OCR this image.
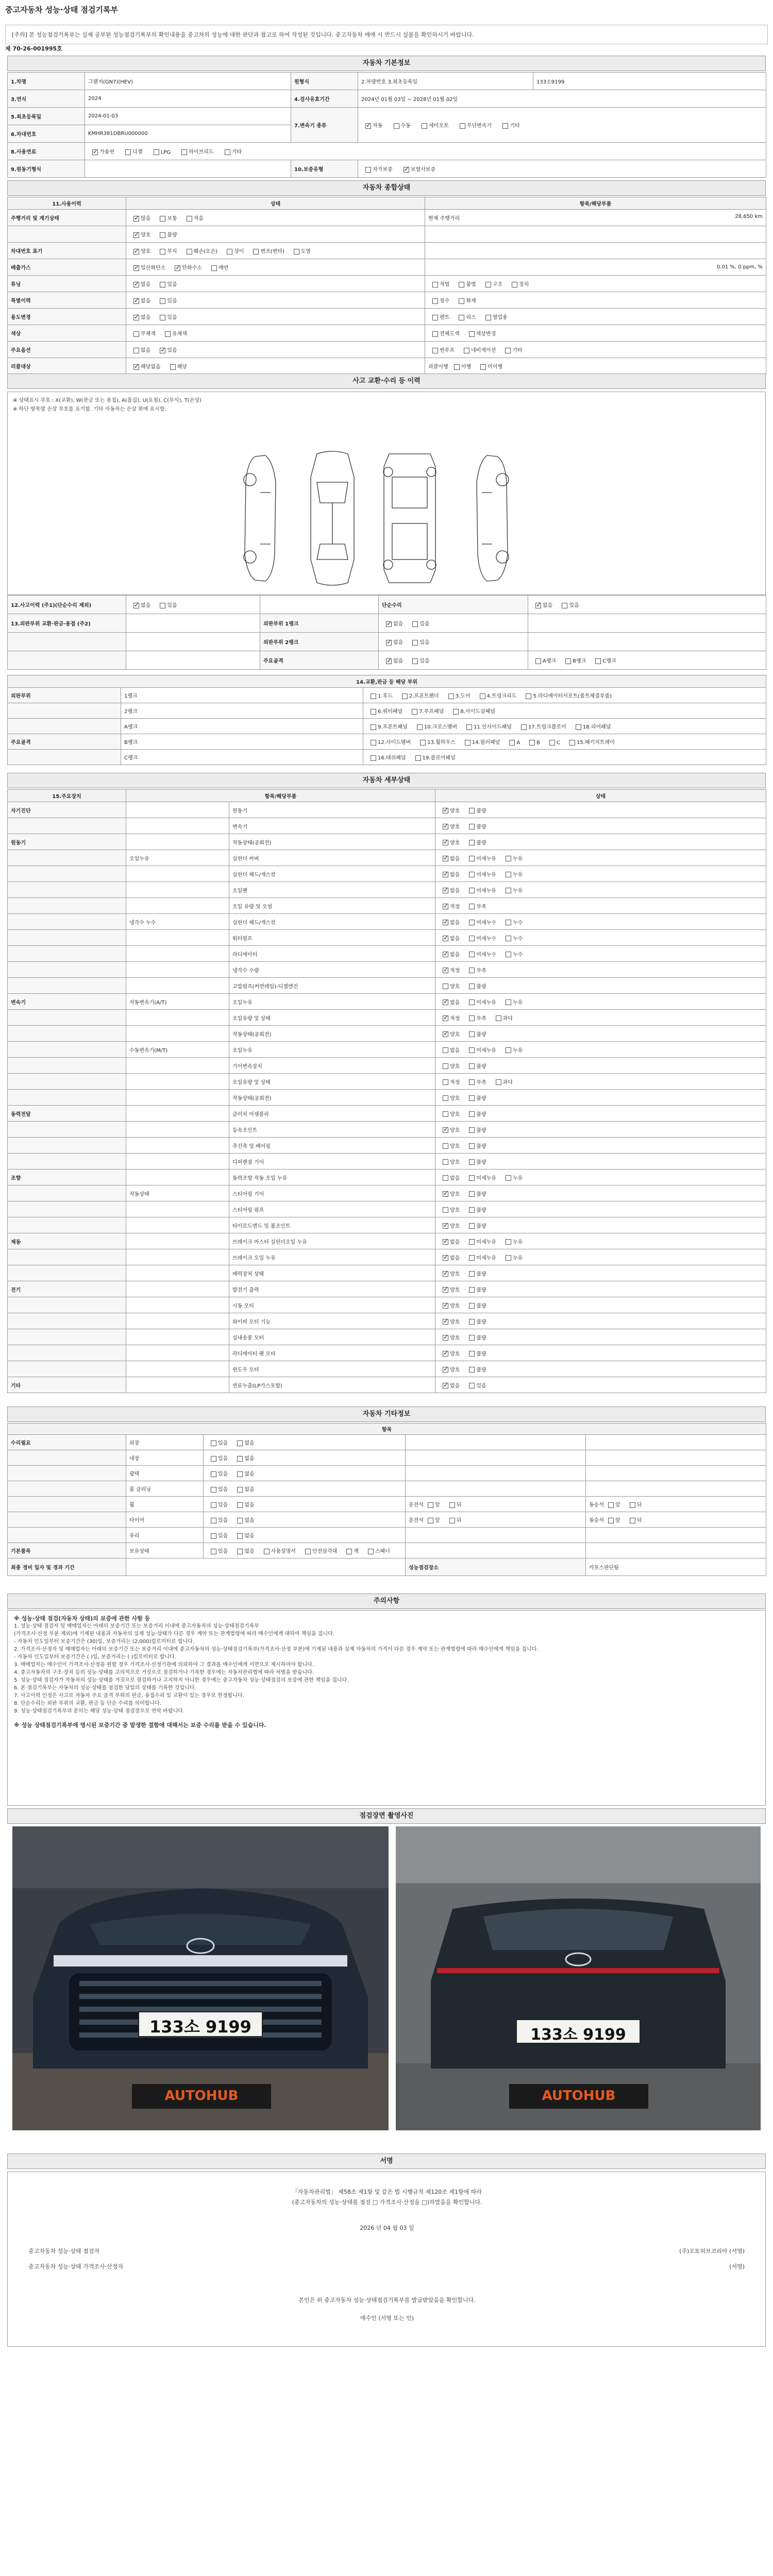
중고자동차 성능·상태 점검기록부
[주의] 본 성능점검기록부는 실제 공부된 성능점검기록부의 확인내용을 중고차의 성능에 대한 판단과 참고로 하여 작성된 것입니다. 중고자동차 매매 시 반드시 실물을 확인하시기 바랍니다.
제 70-26-001995호
자동차 기본정보
1.차명	그랜저(GN7)(HEV)	원형식	2.차량번호 3.최초등록일	133소9199
3.연식	2024	4.검사유효기간	2024년 01월 03일 ~ 2028년 01월 02일	
5.최초등록일	2024-01-03	7.변속기 종류	✓자동 수동 세미오토 무단변속기 기타
6.차대번호	KMHR381DBRU000000			
8.사용연료	✓가솔린 디젤 LPG 하이브리드 기타
9.원동기형식		10.보증유형	자가보증 ✓ 보험사보증
자동차 종합상태
11.사용이력	상태	항목/해당부품
주행거리 및 계기상태	✓많음 보통 적음	현재 주행거리 28,650 km

	✓양호 불량	
차대번호 표기	✓양호 부식 훼손(오손) 상이 변조(변타) 도말	
배출가스	✓일산화탄소 ✓ 탄화수소 매연	0.01 %, 0 ppm, %

튜닝	✓없음 있음	적법 불법 구조 장치
특별이력	✓없음 있음	침수 화재
용도변경	✓없음 있음	렌트 리스 영업용
색상	무채색 유채색	전체도색 색상변경
주요옵션	없음 ✓ 있음	썬루프 네비게이션 기타
리콜대상	✓해당없음 해당	리콜이행 이행 미이행
사고 교환·수리 등 이력
※ 상태표시 부호 : X(교환), W(판금 또는 용접), A(흠집), U(요철), C(부식), T(손상)
※ 하단 항목별 손상 부호를 표기함. 기타 자동차는 손상 위에 표시함.
12.사고이력 (주1)(단순수리 제외)	✓없음 있음		단순수리	✓없음 있음
13.외판부위 교환·판금·용접 (주2)		외판부위 1랭크	✓없음 있음	
		외판부위 2랭크	✓없음 있음	
		주요골격	✓없음 있음	A랭크 B랭크 C랭크
14.교환,판금 등 해당 부위		
외판부위	1랭크	1.후드 2.프론트펜더 3.도어 4.트렁크리드 5.라디에이터서포트(볼트체결부품)
	2랭크	6.쿼터패널 7.루프패널 8.사이드실패널
	A랭크	9.프론트패널 10.크로스멤버 11.인사이드패널 17.트렁크플로어 18.리어패널
주요골격	B랭크	12.사이드멤버 13.휠하우스 14.필러패널 A B C 15.패키지트레이
	C랭크	16.대쉬패널 19.플로어패널
자동차 세부상태
15.주요장치	항목/해당부품		상태
자기진단		원동기	✓양호 불량
		변속기	✓양호 불량
원동기		작동상태(공회전)	✓양호 불량
	오일누유	실린더 커버	✓없음 미세누유 누유
		실린더 헤드/개스킷	✓없음 미세누유 누유
		오일팬	✓없음 미세누유 누유
		오일 유량 및 오염	✓적정 부족
	냉각수 누수	실린더 헤드/개스킷	✓없음 미세누수 누수
		워터펌프	✓없음 미세누수 누수
		라디에이터	✓없음 미세누수 누수
		냉각수 수량	✓적정 부족
		고압펌프(커먼레일)-디젤엔진	양호 불량
변속기	자동변속기(A/T)	오일누유	✓없음 미세누유 누유
		오일유량 및 상태	✓적정 부족 과다
		작동상태(공회전)	✓양호 불량
	수동변속기(M/T)	오일누유	없음 미세누유 누유
		기어변속장치	양호 불량
		오일유량 및 상태	적정 부족 과다
		작동상태(공회전)	양호 불량
동력전달		클러치 어셈블리	양호 불량
		등속조인트	✓양호 불량
		추진축 및 베어링	양호 불량
		디퍼렌셜 기어	양호 불량
조향		동력조향 작동 오일 누유	없음 미세누유 누유
	작동상태	스티어링 기어	✓양호 불량
		스티어링 펌프	양호 불량
		타이로드엔드 및 볼조인트	✓양호 불량
제동		브레이크 마스터 실린더오일 누유	✓없음 미세누유 누유
		브레이크 오일 누유	✓없음 미세누유 누유
		배력장치 상태	✓양호 불량
전기		발전기 출력	✓양호 불량
		시동 모터	✓양호 불량
		와이퍼 모터 기능	✓양호 불량
		실내송풍 모터	✓양호 불량
		라디에이터 팬 모터	✓양호 불량
		윈도우 모터	✓양호 불량
기타		연료누출(LP가스포함)	✓없음 있음
자동차 기타정보
항목				
수리필요	외장	있음 없음		
	내장	있음 없음		
	광택	있음 없음		
	룸 클리닝	있음 없음		
	휠	있음 없음	운전석 앞 뒤	동승석 앞 뒤
	타이어	있음 없음	운전석 앞 뒤	동승석 앞 뒤
	유리	있음 없음		
기본품목	보유상태	있음 없음 사용설명서 안전삼각대 잭 스패너		
최종 정비 일자 및 경과 기간			성능점검장소	카포스판단팀
주의사항
※ 성능·상태 점검(자동차 상태)의 보증에 관한 사항 등
1. 성능·상태 점검자 및 매매업자는 아래의 보증기간 또는 보증거리 이내에 중고자동차의 성능·상태점검기록부
(가격조사·산정 부분 제외)에 기재된 내용과 자동차의 실제 성능·상태가 다른 경우 계약 또는 관계법령에 따라 매수인에게 대하여 책임을 집니다.
- 자동차 인도일부터 보증기간은 (30)일, 보증거리는 (2,000)킬로미터로 합니다.
2. 가격조사·산정자 및 매매업자는 아래의 보증기간 또는 보증거리 이내에 중고자동차의 성능·상태점검기록부(가격조사·산정 부분)에 기재된 내용과 실제 자동차의 가격이 다른 경우 계약 또는 관계법령에 따라 매수인에게 책임을 집니다.
- 자동차 인도일부터 보증기간은 ( )일, 보증거리는 ( )킬로미터로 합니다.
3. 매매업자는 매수인이 가격조사·산정을 원할 경우 가격조사·산정기관에 의뢰하여 그 결과를 매수인에게 서면으로 제시하여야 합니다.
4. 중고자동차의 구조·장치 등의 성능·상태를 고의적으로 거짓으로 점검하거나 기록한 경우에는 자동차관리법에 따라 처벌을 받습니다.
5. 성능·상태 점검자가 자동차의 성능·상태를 거짓으로 점검하거나 고지하지 아니한 경우에는 중고자동차 성능·상태점검의 보증에 관한 책임을 집니다.
6. 본 점검기록부는 자동차의 성능·상태를 점검한 당일의 상태를 기록한 것입니다.
7. 사고이력 인정은 사고로 자동차 주요 골격 부위의 판금, 용접수리 및 교환이 있는 경우로 한정합니다.
8. 단순수리는 외판 부위의 교환, 판금 등 단순 수리를 의미합니다.
9. 성능·상태점검기록부의 문의는 해당 성능·상태 점검장으로 연락 바랍니다.
※ 성능 상태점검기록부에 명시된 보증기간 중 발생한 결함에 대해서는 보증 수리를 받을 수 있습니다.
점검장면 촬영사진
133소 9199
AUTOHUB
133소 9199
AUTOHUB
서명
「자동차관리법」 제58조 제1항 및 같은 법 시행규칙 제120조 제1항에 따라
(중고자동차의 성능·상태를 점검 □ 가격조사·산정을 □)하였음을 확인합니다.
2026 년 04 월 03 일
중고자동차 성능·상태 점검자	(주)오토허브코리아 (서명)
중고자동차 성능·상태 가격조사·산정자	(서명)
본인은 위 중고자동차 성능·상태점검기록부를 발급받았음을 확인합니다.
매수인 (서명 또는 인)
